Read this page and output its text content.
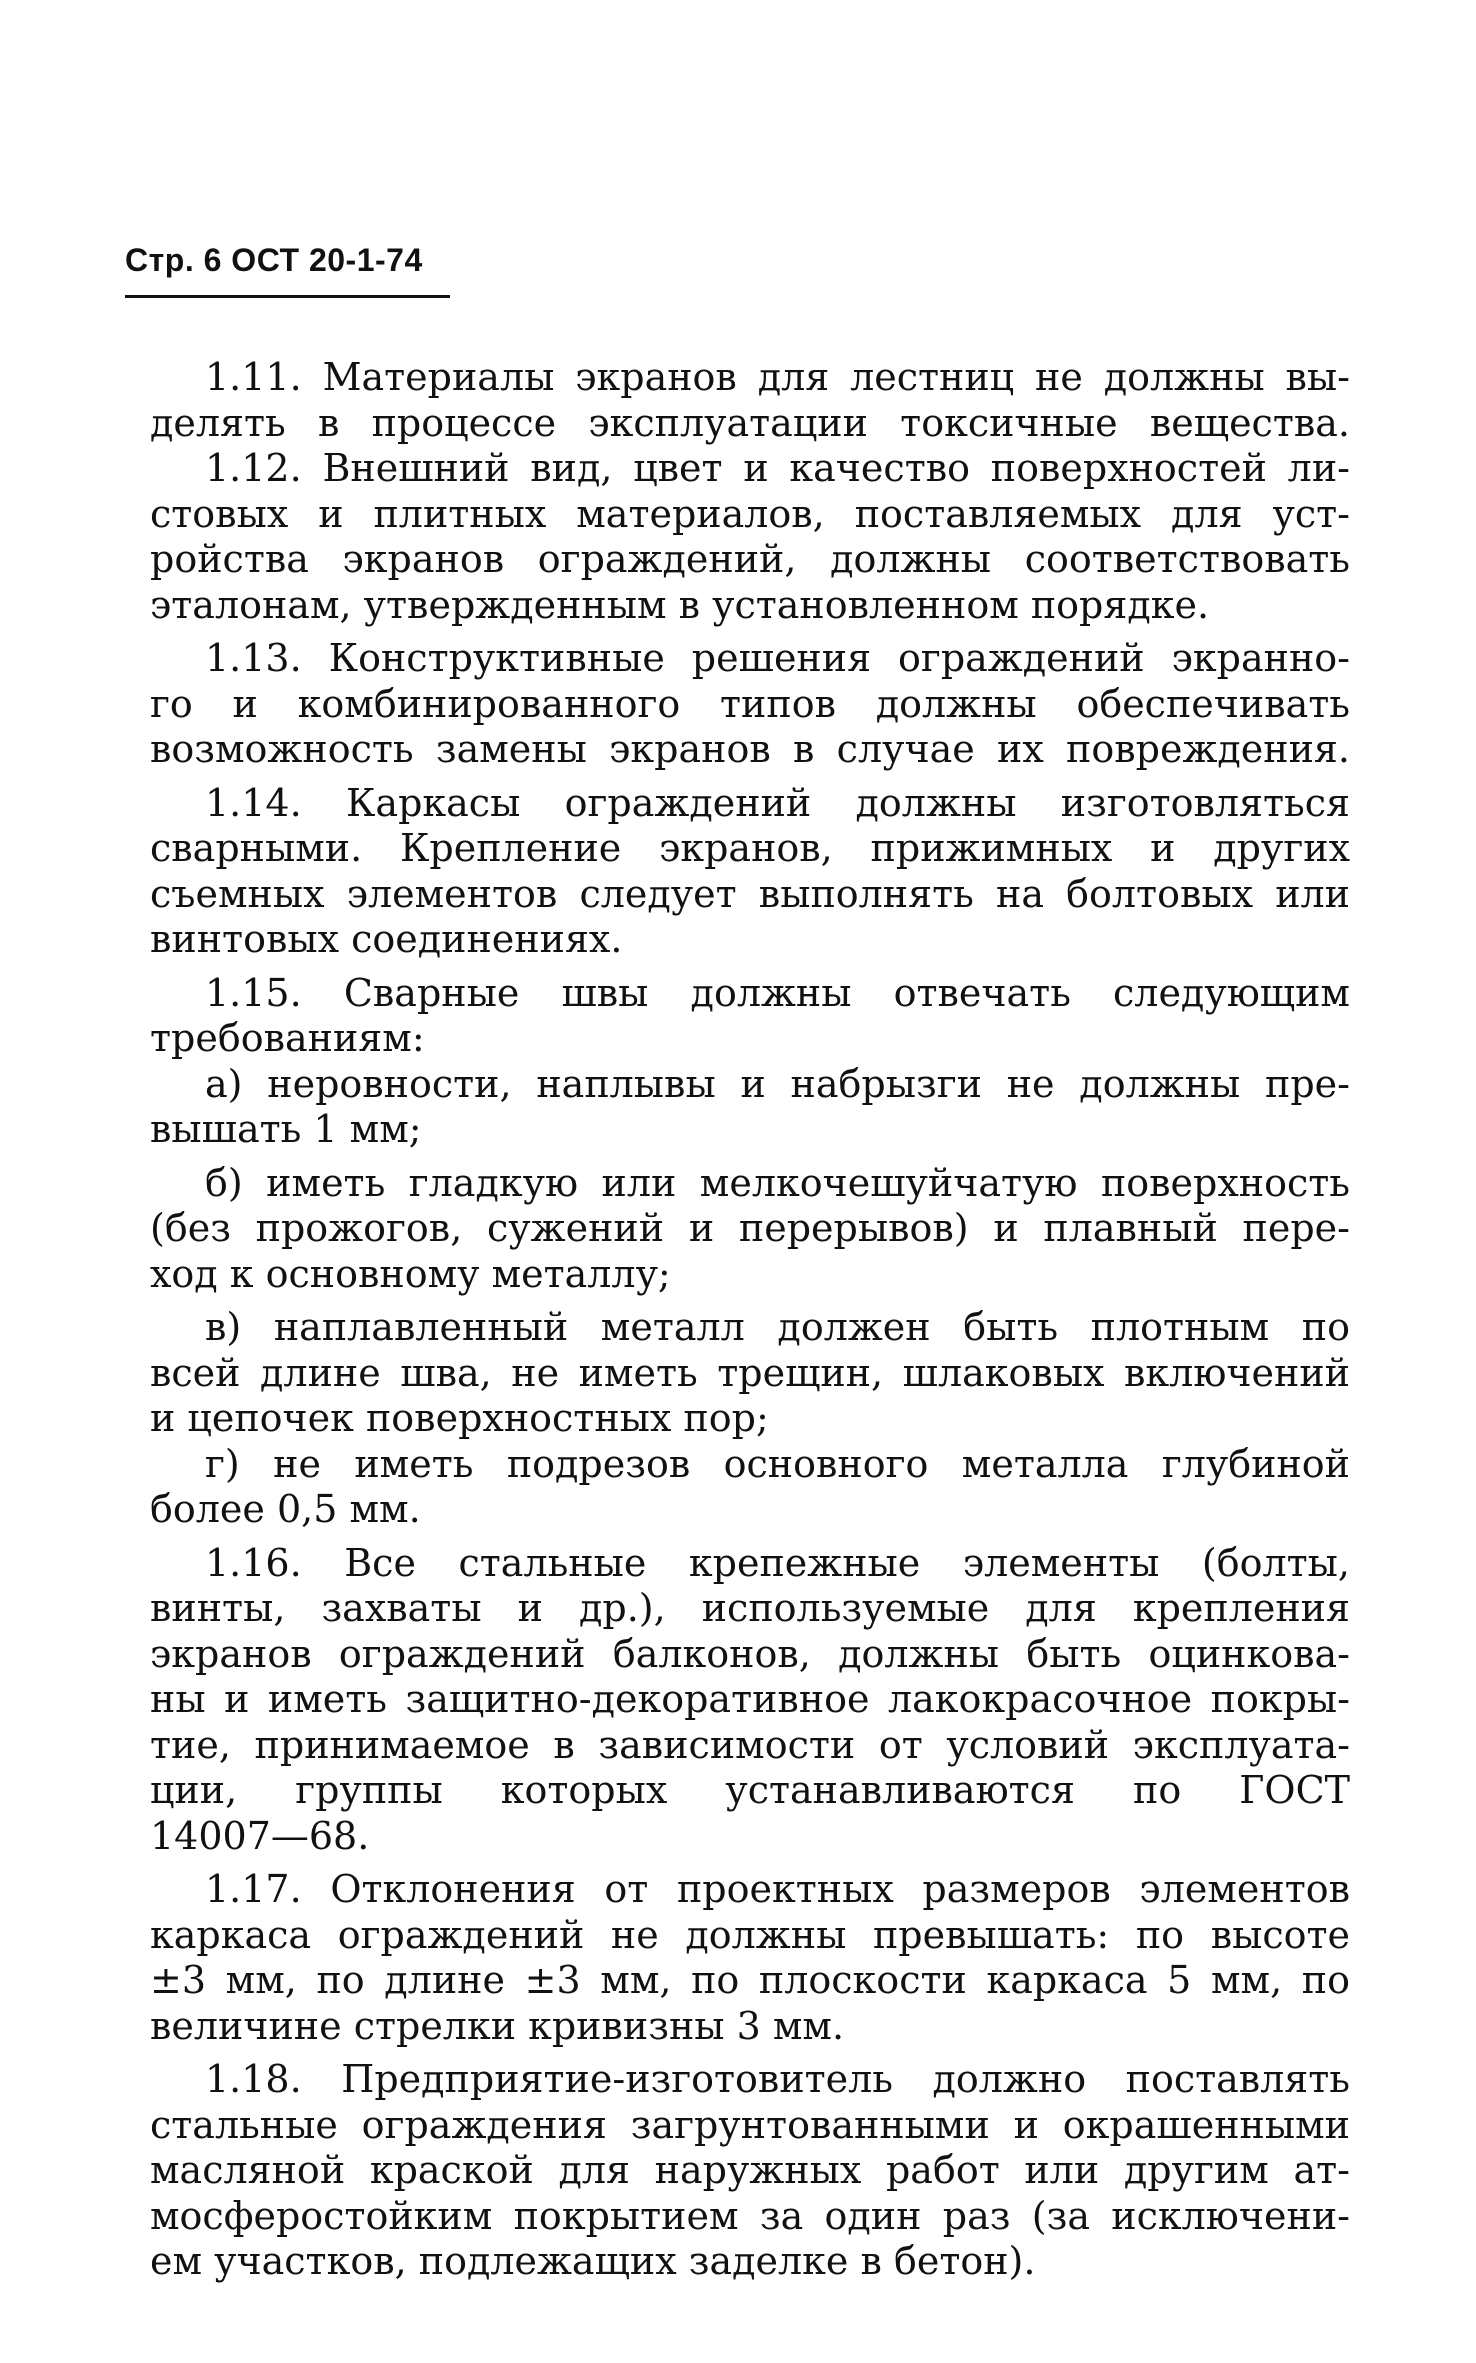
Стр. 6 ОСТ 20-1-74
1.11. Материалы экранов для лестниц не должны вы-
делять в процессе эксплуатации токсичные вещества.
1.12. Внешний вид, цвет и качество поверхностей ли-
стовых и плитных материалов, поставляемых для уст-
ройства экранов ограждений, должны соответствовать
эталонам, утвержденным в установленном порядке.
1.13. Конструктивные решения ограждений экранно-
го и комбинированного типов должны обеспечивать
возможность замены экранов в случае их повреждения.
1.14. Каркасы ограждений должны изготовляться
сварными. Крепление экранов, прижимных и других
съемных элементов следует выполнять на болтовых или
винтовых соединениях.
1.15. Сварные швы должны отвечать следующим
требованиям:
а) неровности, наплывы и набрызги не должны пре-
вышать 1 мм;
б) иметь гладкую или мелкочешуйчатую поверхность
(без прожогов, сужений и перерывов) и плавный пере-
ход к основному металлу;
в) наплавленный металл должен быть плотным по
всей длине шва, не иметь трещин, шлаковых включений
и цепочек поверхностных пор;
г) не иметь подрезов основного металла глубиной
более 0,5 мм.
1.16. Все стальные крепежные элементы (болты,
винты, захваты и др.), используемые для крепления
экранов ограждений балконов, должны быть оцинкова-
ны и иметь защитно-декоративное лакокрасочное покры-
тие, принимаемое в зависимости от условий эксплуата-
ции, группы которых устанавливаются по ГОСТ
14007—68.
1.17. Отклонения от проектных размеров элементов
каркаса ограждений не должны превышать: по высоте
±3 мм, по длине ±3 мм, по плоскости каркаса 5 мм, по
величине стрелки кривизны 3 мм.
1.18. Предприятие-изготовитель должно поставлять
стальные ограждения загрунтованными и окрашенными
масляной краской для наружных работ или другим ат-
мосферостойким покрытием за один раз (за исключени-
ем участков, подлежащих заделке в бетон).
